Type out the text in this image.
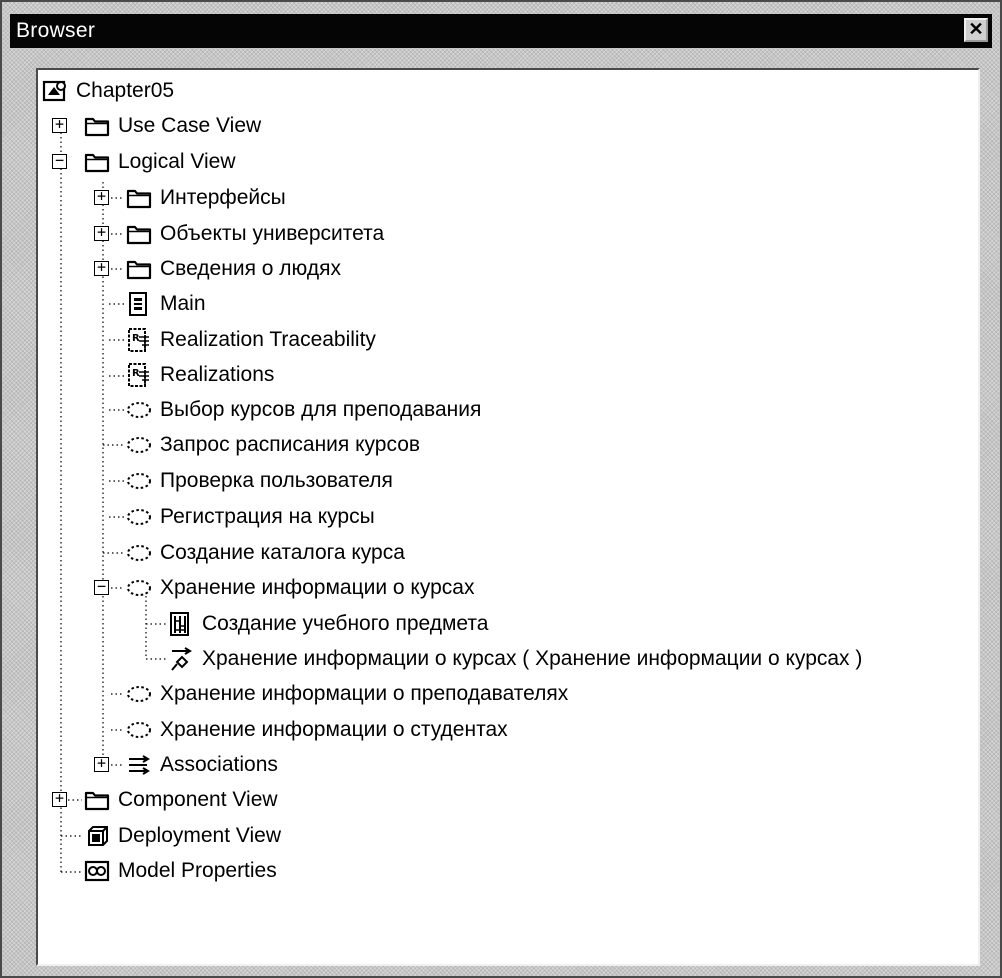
Browser	✕
Chapter05
+	Use Case View
−	Logical View
+	Интерфейсы
+	Объекты университета
+	Сведения о людях
Main
Realization Traceability
Realizations
Выбор курсов для преподавания
Запрос расписания курсов
Проверка пользователя
Регистрация на курсы
Создание каталога курса
−	Хранение информации о курсах
Создание учебного предмета
Хранение информации о курсах ( Хранение информации о курсах )
Хранение информации о преподавателях
Хранение информации о студентах
+	Associations
+	Component View
Deployment View
Model Properties
